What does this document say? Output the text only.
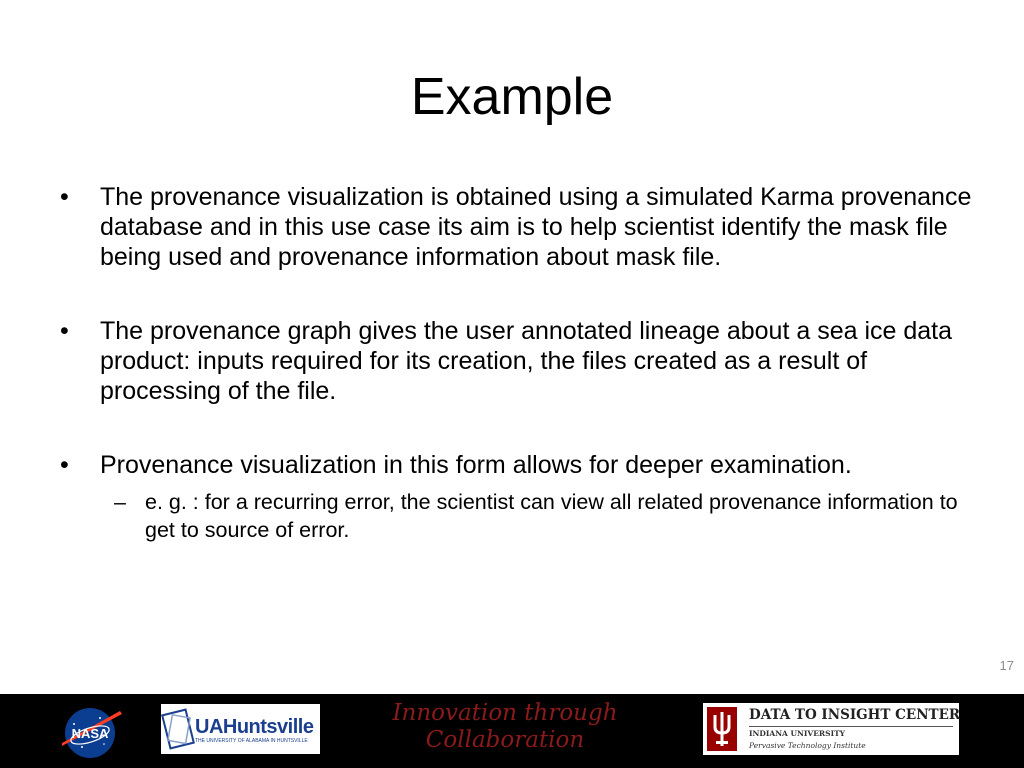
Example
• The provenance visualization is obtained using a simulated Karma provenance database and in this use case its aim is to help scientist identify the mask file being used and provenance information about mask file.
• The provenance graph gives the user annotated lineage about a sea ice data product: inputs required for its creation, the files created as a result of processing of the file.
• Provenance visualization in this form allows for deeper examination.
– e. g. : for a recurring error, the scientist can view all related provenance information to get to source of error.
17
NASA	UAHuntsville
THE UNIVERSITY OF ALABAMA IN HUNTSVILLE
Innovation through
Collaboration
DATA TO INSIGHT CENTER
INDIANA UNIVERSITY
Pervasive Technology Institute
